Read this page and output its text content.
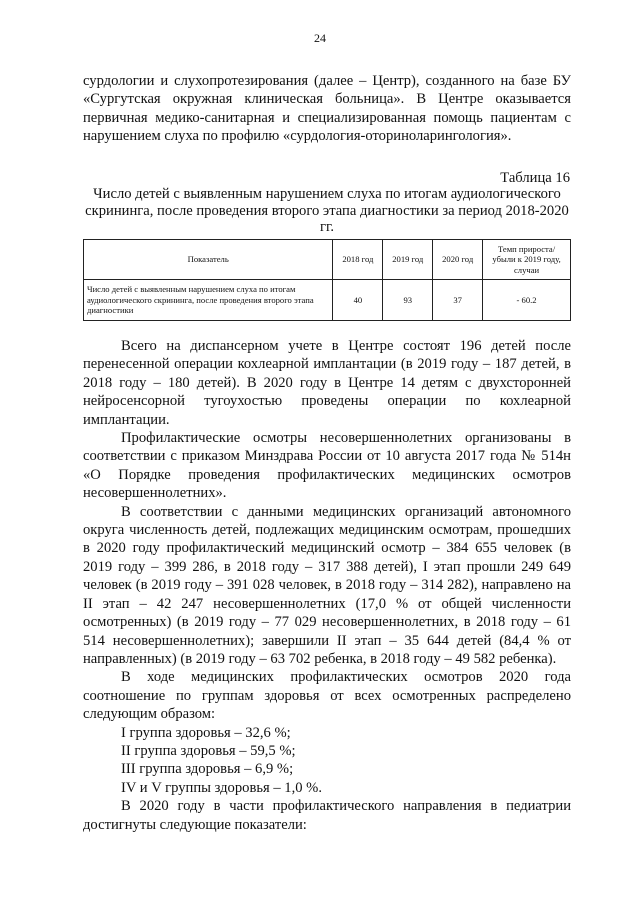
24

сурдологии и слухопротезирования (далее – Центр), созданного на базе БУ «Сургутская окружная клиническая больница». В Центре оказывается первичная медико-санитарная и специализированная помощь пациентам с нарушением слуха по профилю «сурдология-оториноларингология».

Таблица 16
Число детей с выявленным нарушением слуха по итогам аудиологического скрининга, после проведения второго этапа диагностики за период 2018-2020 гг.
Показатель	2018 год	2019 год	2020 год	Темп прироста/ убыли к 2019 году, случаи
Число детей с выявленным нарушением слуха по итогам аудиологического скрининга, после проведения второго этапа диагностики	40	93	37	- 60.2

Всего на диспансерном учете в Центре состоят 196 детей после перенесенной операции кохлеарной имплантации (в 2019 году – 187 детей, в 2018 году – 180 детей). В 2020 году в Центре 14 детям с двухсторонней нейросенсорной тугоухостью проведены операции по кохлеарной имплантации.

Профилактические осмотры несовершеннолетних организованы в соответствии с приказом Минздрава России от 10 августа 2017 года № 514н «О Порядке проведения профилактических медицинских осмотров несовершеннолетних».

В соответствии с данными медицинских организаций автономного округа численность детей, подлежащих медицинским осмотрам, прошедших в 2020 году профилактический медицинский осмотр – 384 655 человек (в 2019 году – 399 286, в 2018 году – 317 388 детей), I этап прошли 249 649 человек (в 2019 году – 391 028 человек, в 2018 году – 314 282), направлено на II этап – 42 247 несовершеннолетних (17,0 % от общей численности осмотренных) (в 2019 году – 77 029 несовершеннолетних, в 2018 году – 61 514 несовершеннолетних); завершили II этап – 35 644 детей (84,4 % от направленных) (в 2019 году – 63 702 ребенка, в 2018 году – 49 582 ребенка).

В ходе медицинских профилактических осмотров 2020 года соотношение по группам здоровья от всех осмотренных распределено следующим образом:

I группа здоровья – 32,6 %;

II группа здоровья – 59,5 %;

III группа здоровья – 6,9 %;

IV и V группы здоровья – 1,0 %.

В 2020 году в части профилактического направления в педиатрии достигнуты следующие показатели:
